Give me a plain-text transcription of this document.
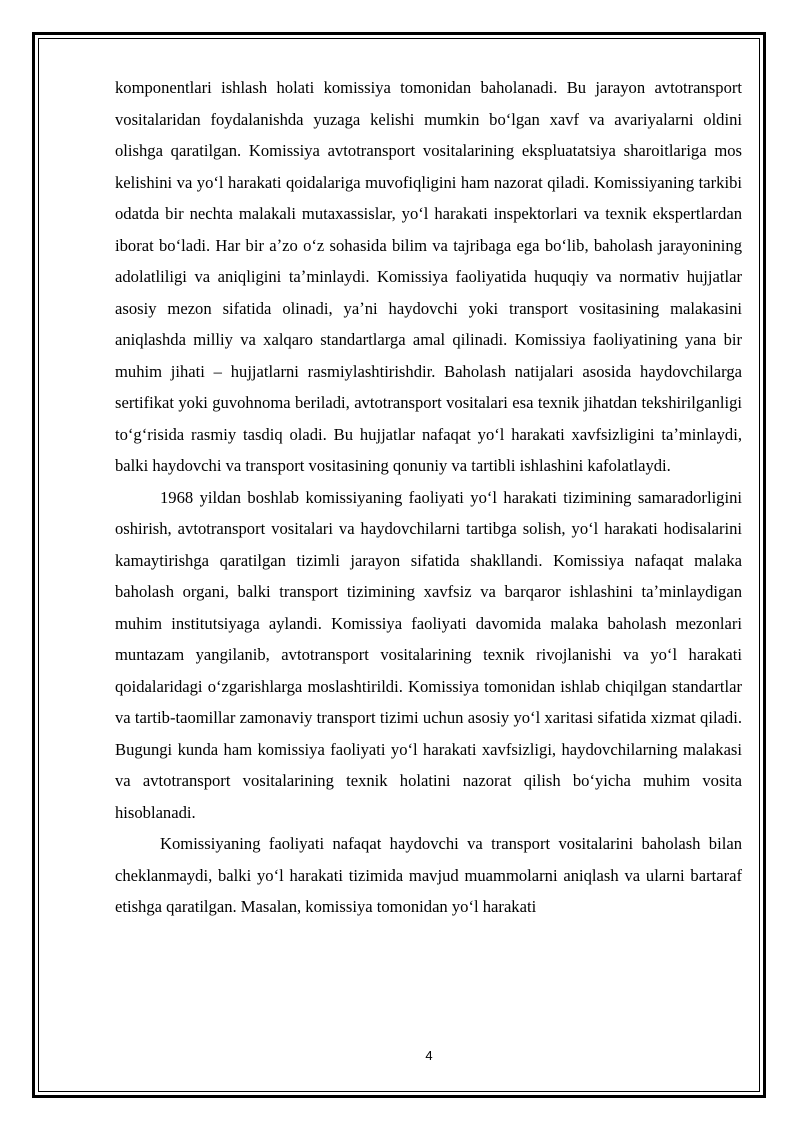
komponentlari ishlash holati komissiya tomonidan baholanadi. Bu jarayon avtotransport vositalaridan foydalanishda yuzaga kelishi mumkin boʻlgan xavf va avariyalarni oldini olishga qaratilgan. Komissiya avtotransport vositalarining ekspluatatsiya sharoitlariga mos kelishini va yoʻl harakati qoidalariga muvofiqligini ham nazorat qiladi. Komissiyaning tarkibi odatda bir nechta malakali mutaxassislar, yoʻl harakati inspektorlari va texnik ekspertlardan iborat boʻladi. Har bir aʼzo oʻz sohasida bilim va tajribaga ega boʻlib, baholash jarayonining adolatliligi va aniqligini taʼminlaydi. Komissiya faoliyatida huquqiy va normativ hujjatlar asosiy mezon sifatida olinadi, yaʼni haydovchi yoki transport vositasining malakasini aniqlashda milliy va xalqaro standartlarga amal qilinadi. Komissiya faoliyatining yana bir muhim jihati – hujjatlarni rasmiylashtirishdir. Baholash natijalari asosida haydovchilarga sertifikat yoki guvohnoma beriladi, avtotransport vositalari esa texnik jihatdan tekshirilganligi toʻgʻrisida rasmiy tasdiq oladi. Bu hujjatlar nafaqat yoʻl harakati xavfsizligini taʼminlaydi, balki haydovchi va transport vositasining qonuniy va tartibli ishlashini kafolatlaydi.

1968 yildan boshlab komissiyaning faoliyati yoʻl harakati tizimining samaradorligini oshirish, avtotransport vositalari va haydovchilarni tartibga solish, yoʻl harakati hodisalarini kamaytirishga qaratilgan tizimli jarayon sifatida shakllandi. Komissiya nafaqat malaka baholash organi, balki transport tizimining xavfsiz va barqaror ishlashini taʼminlaydigan muhim institutsiyaga aylandi. Komissiya faoliyati davomida malaka baholash mezonlari muntazam yangilanib, avtotransport vositalarining texnik rivojlanishi va yoʻl harakati qoidalaridagi oʻzgarishlarga moslashtirildi. Komissiya tomonidan ishlab chiqilgan standartlar va tartib-taomillar zamonaviy transport tizimi uchun asosiy yoʻl xaritasi sifatida xizmat qiladi. Bugungi kunda ham komissiya faoliyati yoʻl harakati xavfsizligi, haydovchilarning malakasi va avtotransport vositalarining texnik holatini nazorat qilish boʻyicha muhim vosita hisoblanadi.

Komissiyaning faoliyati nafaqat haydovchi va transport vositalarini baholash bilan cheklanmaydi, balki yoʻl harakati tizimida mavjud muammolarni aniqlash va ularni bartaraf etishga qaratilgan. Masalan, komissiya tomonidan yoʻl harakati

4
